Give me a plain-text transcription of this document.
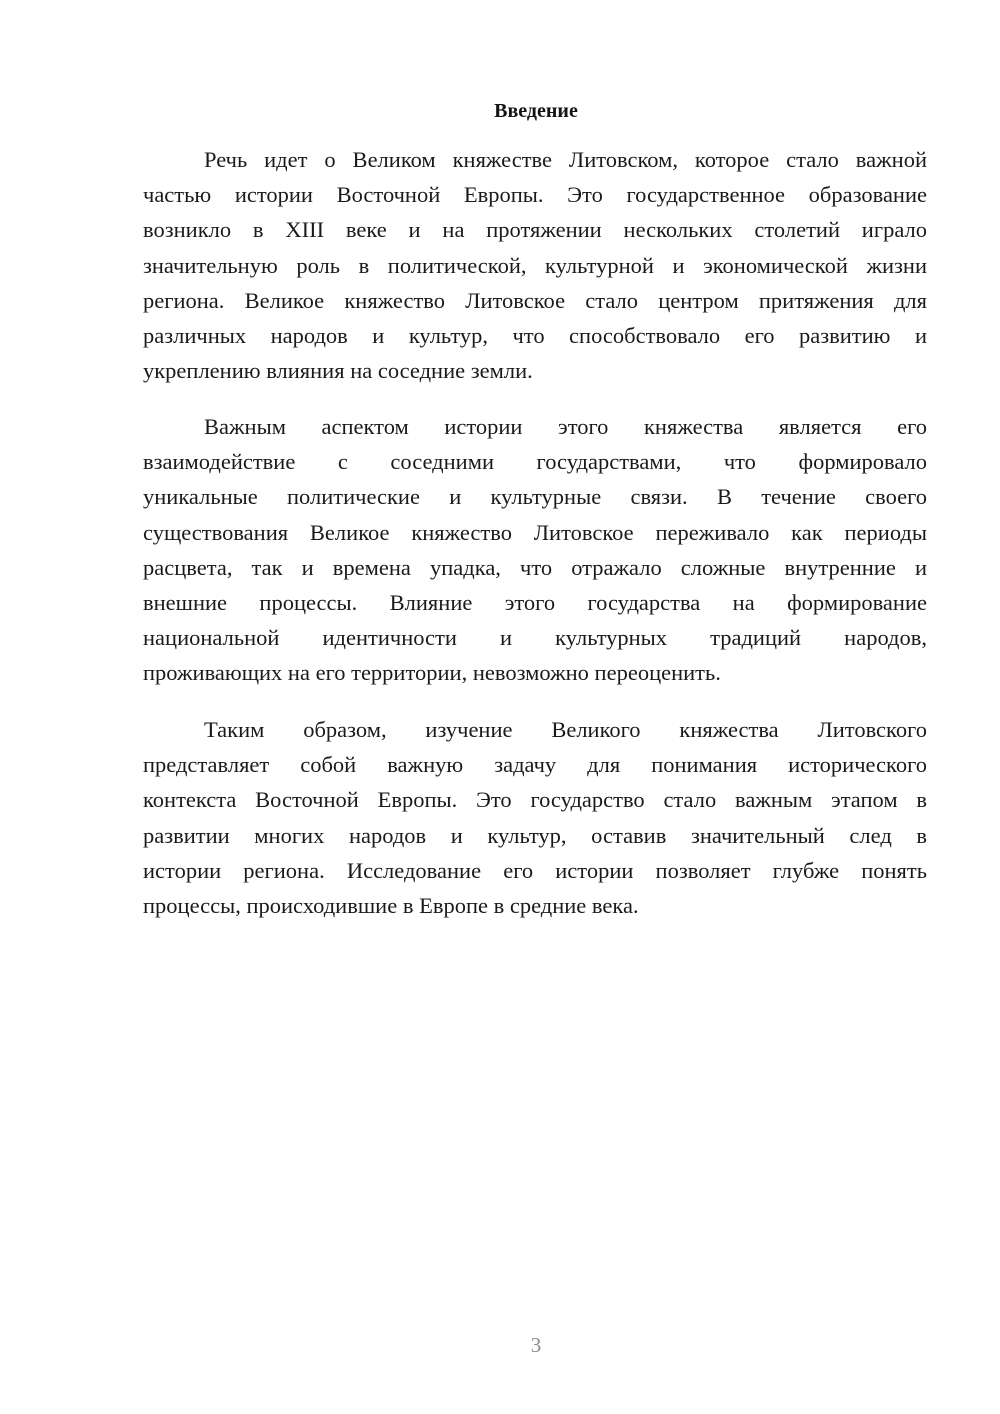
Введение
Речь идет о Великом княжестве Литовском, которое стало важной
частью истории Восточной Европы. Это государственное образование
возникло в XIII веке и на протяжении нескольких столетий играло
значительную роль в политической, культурной и экономической жизни
региона. Великое княжество Литовское стало центром притяжения для
различных народов и культур, что способствовало его развитию и
укреплению влияния на соседние земли.
Важным аспектом истории этого княжества является его
взаимодействие с соседними государствами, что формировало
уникальные политические и культурные связи. В течение своего
существования Великое княжество Литовское переживало как периоды
расцвета, так и времена упадка, что отражало сложные внутренние и
внешние процессы. Влияние этого государства на формирование
национальной идентичности и культурных традиций народов,
проживающих на его территории, невозможно переоценить.
Таким образом, изучение Великого княжества Литовского
представляет собой важную задачу для понимания исторического
контекста Восточной Европы. Это государство стало важным этапом в
развитии многих народов и культур, оставив значительный след в
истории региона. Исследование его истории позволяет глубже понять
процессы, происходившие в Европе в средние века.
3
